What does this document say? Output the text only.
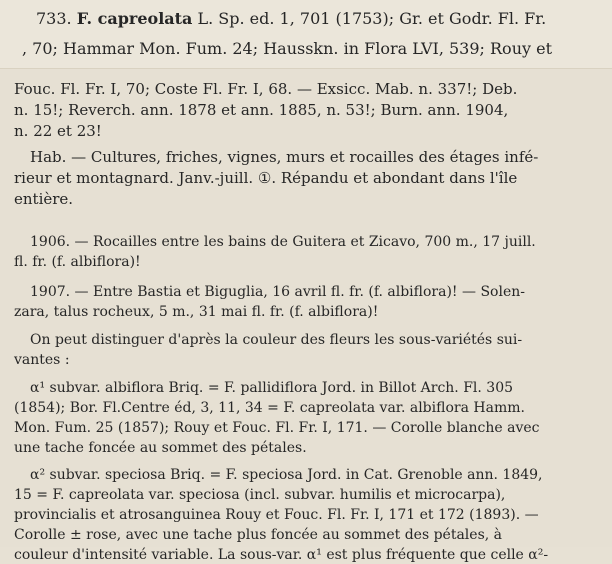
733. F. capreolata L. Sp. ed. 1, 701 (1753); Gr. et Godr. Fl. Fr.
, 70; Hammar Mon. Fum. 24; Hausskn. in Flora LVI, 539; Rouy et
Fouc. Fl. Fr. I, 70; Coste Fl. Fr. I, 68. — Exsicc. Mab. n. 337!; Deb.
n. 15!; Reverch. ann. 1878 et ann. 1885, n. 53!; Burn. ann. 1904,
n. 22 et 23!
Hab. — Cultures, friches, vignes, murs et rocailles des étages infé-
rieur et montagnard. Janv.-juill. ①. Répandu et abondant dans l'île
entière.
1906. — Rocailles entre les bains de Guitera et Zicavo, 700 m., 17 juill.
fl. fr. (f. albiflora)!
1907. — Entre Bastia et Biguglia, 16 avril fl. fr. (f. albiflora)! — Solen-
zara, talus rocheux, 5 m., 31 mai fl. fr. (f. albiflora)!
On peut distinguer d'après la couleur des fleurs les sous-variétés sui-
vantes :
α¹ subvar. albiflora Briq. = F. pallidiflora Jord. in Billot Arch. Fl. 305
(1854); Bor. Fl.Centre éd, 3, 11, 34 = F. capreolata var. albiflora Hamm.
Mon. Fum. 25 (1857); Rouy et Fouc. Fl. Fr. I, 171. — Corolle blanche avec
une tache foncée au sommet des pétales.
α² subvar. speciosa Briq. = F. speciosa Jord. in Cat. Grenoble ann. 1849,
15 = F. capreolata var. speciosa (incl. subvar. humilis et microcarpa),
provincialis et atrosanguinea Rouy et Fouc. Fl. Fr. I, 171 et 172 (1893). —
Corolle ± rose, avec une tache plus foncée au sommet des pétales, à
couleur d'intensité variable. La sous-var. α¹ est plus fréquente que celle α²-
